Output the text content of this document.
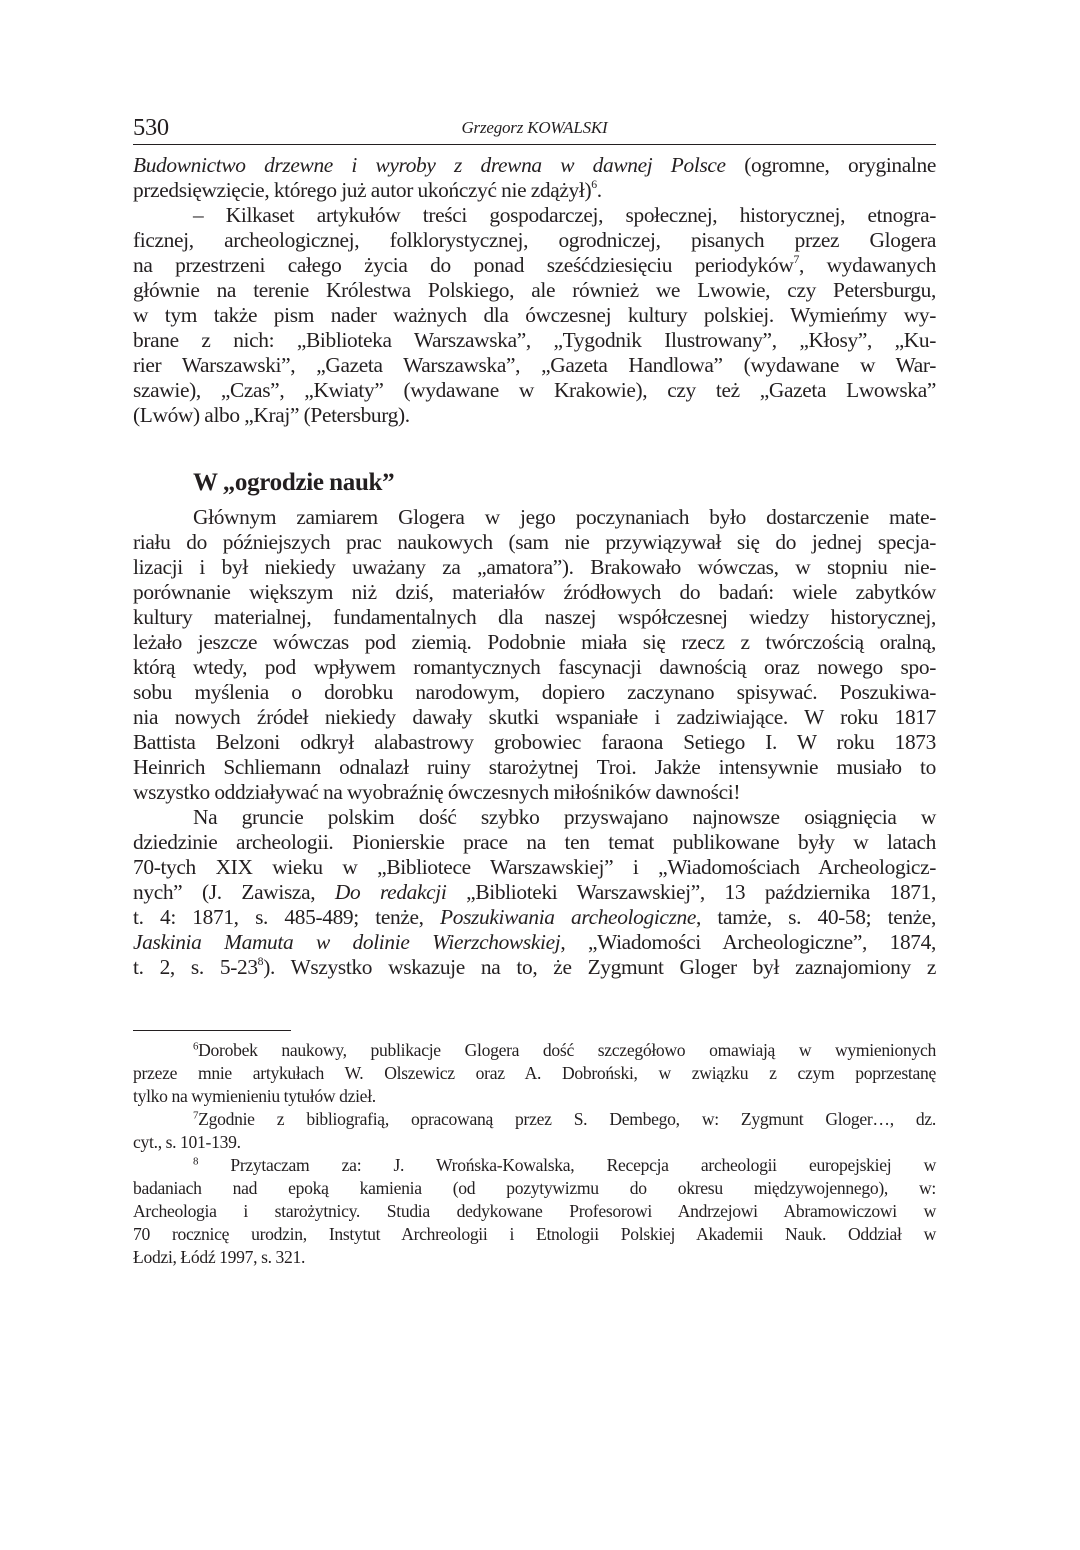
530	Grzegorz KOWALSKI
Budownictwo drzewne i wyroby z drewna w dawnej Polsce (ogromne, oryginalne
przedsięwzięcie, którego już autor ukończyć nie zdążył)$^6$.
– Kilkaset artykułów treści gospodarczej, społecznej, historycznej, etnogra-
ficznej, archeologicznej, folklorystycznej, ogrodniczej, pisanych przez Glogera
na przestrzeni całego życia do ponad sześćdziesięciu periodyków$^7$, wydawanych
głównie na terenie Królestwa Polskiego, ale również we Lwowie, czy Petersburgu,
w tym także pism nader ważnych dla ówczesnej kultury polskiej. Wymieńmy wy-
brane z nich: „Biblioteka Warszawska”, „Tygodnik Ilustrowany”, „Kłosy”, „Ku-
rier Warszawski”, „Gazeta Warszawska”, „Gazeta Handlowa” (wydawane w War-
szawie), „Czas”, „Kwiaty” (wydawane w Krakowie), czy też „Gazeta Lwowska”
(Lwów) albo „Kraj” (Petersburg).
W „ogrodzie nauk”
Głównym zamiarem Glogera w jego poczynaniach było dostarczenie mate-
riału do późniejszych prac naukowych (sam nie przywiązywał się do jednej specja-
lizacji i był niekiedy uważany za „amatora”). Brakowało wówczas, w stopniu nie-
porównanie większym niż dziś, materiałów źródłowych do badań: wiele zabytków
kultury materialnej, fundamentalnych dla naszej współczesnej wiedzy historycznej,
leżało jeszcze wówczas pod ziemią. Podobnie miała się rzecz z twórczością oralną,
którą wtedy, pod wpływem romantycznych fascynacji dawnością oraz nowego spo-
sobu myślenia o dorobku narodowym, dopiero zaczynano spisywać. Poszukiwa-
nia nowych źródeł niekiedy dawały skutki wspaniałe i zadziwiające. W roku 1817
Battista Belzoni odkrył alabastrowy grobowiec faraona Setiego I. W roku 1873
Heinrich Schliemann odnalazł ruiny starożytnej Troi. Jakże intensywnie musiało to
wszystko oddziaływać na wyobraźnię ówczesnych miłośników dawności!
Na gruncie polskim dość szybko przyswajano najnowsze osiągnięcia w
dziedzinie archeologii. Pionierskie prace na ten temat publikowane były w latach
70-tych XIX wieku w „Bibliotece Warszawskiej” i „Wiadomościach Archeologicz-
nych” (J. Zawisza, Do redakcji „Biblioteki Warszawskiej”, 13 października 1871,
t. 4: 1871, s. 485-489; tenże, Poszukiwania archeologiczne, tamże, s. 40-58; tenże,
Jaskinia Mamuta w dolinie Wierzchowskiej, „Wiadomości Archeologiczne”, 1874,
t. 2, s. $5-23^8$). Wszystko wskazuje na to, że Zygmunt Gloger był zaznajomiony z
$^6$Dorobek naukowy, publikacje Glogera dość szczegółowo omawiają w wymienionych
przeze mnie artykułach W. Olszewicz oraz A. Dobroński, w związku z czym poprzestanę
tylko na wymienieniu tytułów dzieł.
$^7$Zgodnie z bibliografią, opracowaną przez S. Dembego, w: Zygmunt Gloger…, dz.
cyt., s. 101-139.
$^8$ Przytaczam za: J. Wrońska-Kowalska, Recepcja archeologii europejskiej w
badaniach nad epoką kamienia (od pozytywizmu do okresu międzywojennego), w:
Archeologia i starożytnicy. Studia dedykowane Profesorowi Andrzejowi Abramowiczowi w
70 rocznicę urodzin, Instytut Archreologii i Etnologii Polskiej Akademii Nauk. Oddział w
Łodzi, Łódź 1997, s. 321.
